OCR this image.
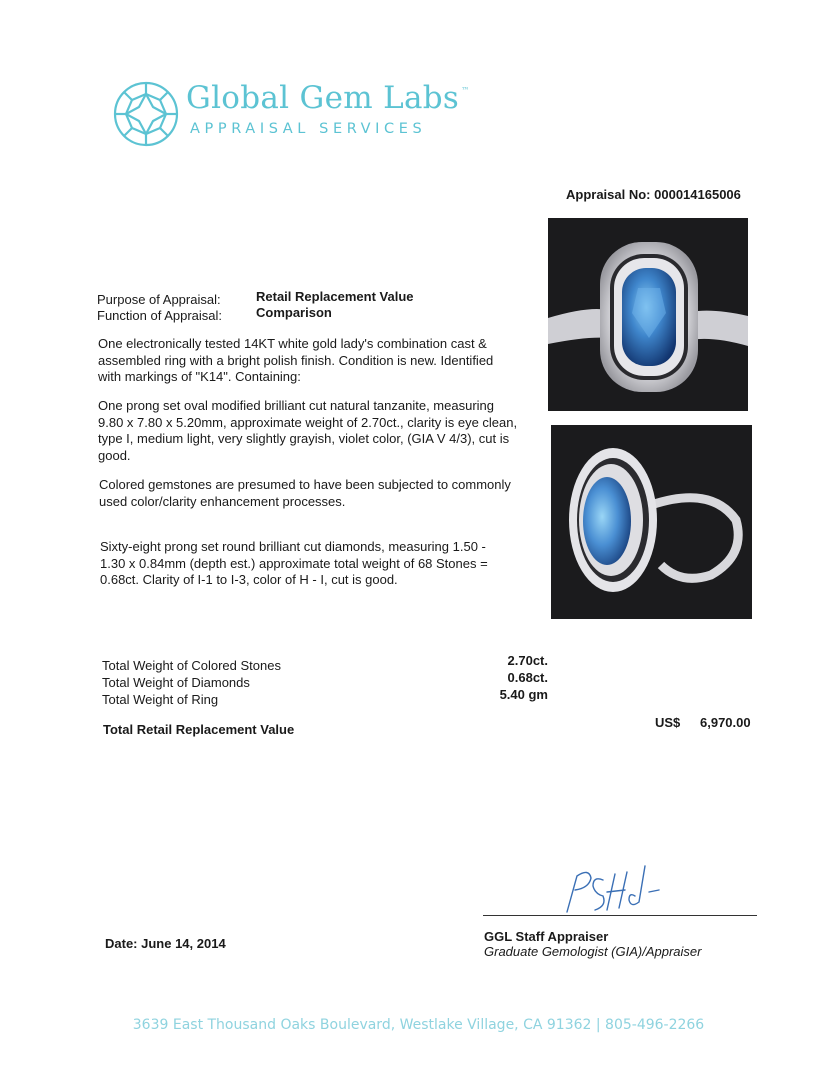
Global Gem Labs ™
APPRAISAL SERVICES
Appraisal No: 000014165006
Purpose of Appraisal:	Retail Replacement Value
Function of Appraisal:	Comparison
One electronically tested 14KT white gold lady's combination cast & assembled ring with a bright polish finish. Condition is new. Identified with markings of "K14". Containing:
One prong set oval modified brilliant cut natural tanzanite, measuring 9.80 x 7.80 x 5.20mm, approximate weight of 2.70ct., clarity is eye clean, type I, medium light, very slightly grayish, violet color, (GIA V 4/3), cut is good.
Colored gemstones are presumed to have been subjected to commonly used color/clarity enhancement processes.
Sixty-eight prong set round brilliant cut diamonds, measuring 1.50 - 1.30 x 0.84mm (depth est.) approximate total weight of 68 Stones = 0.68ct. Clarity of I-1 to I-3, color of H - I, cut is good.
Total Weight of Colored Stones	2.70ct.
Total Weight of Diamonds	0.68ct.
Total Weight of Ring	5.40 gm
Total Retail Replacement Value	US$ 6,970.00
Date: June 14, 2014	GGL Staff Appraiser
Graduate Gemologist (GIA)/Appraiser
3639 East Thousand Oaks Boulevard, Westlake Village, CA 91362 | 805-496-2266
